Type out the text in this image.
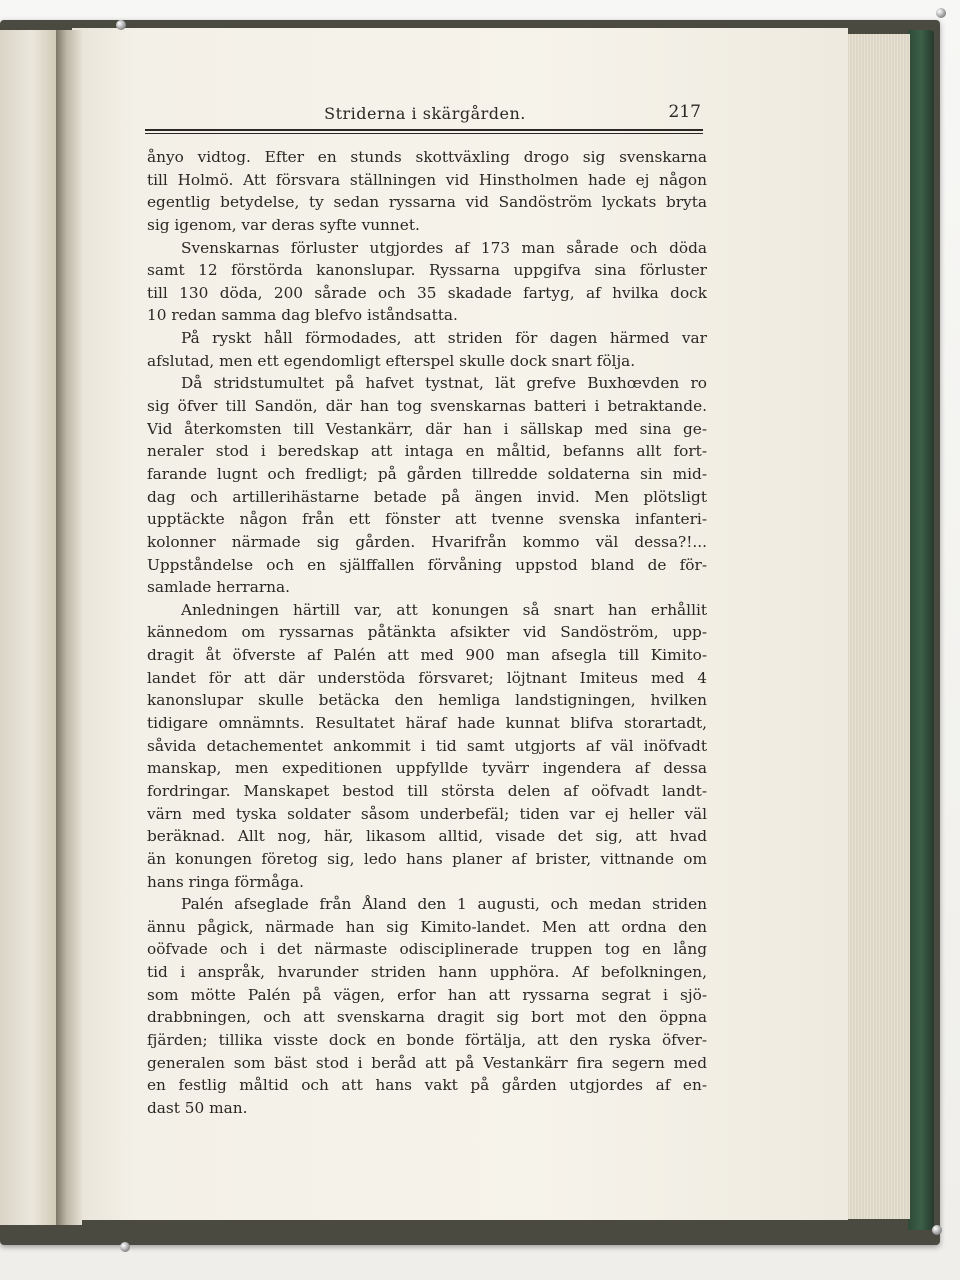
Striderna i skärgården.	217
ånyo vidtog. Efter en stunds skottväxling drogo sig svenskarna
till Holmö. Att försvara ställningen vid Hinstholmen hade ej någon
egentlig betydelse, ty sedan ryssarna vid Sandöström lyckats bryta
sig igenom, var deras syfte vunnet.
Svenskarnas förluster utgjordes af 173 man sårade och döda
samt 12 förstörda kanonslupar. Ryssarna uppgifva sina förluster
till 130 döda, 200 sårade och 35 skadade fartyg, af hvilka dock
10 redan samma dag blefvo iståndsatta.
På ryskt håll förmodades, att striden för dagen härmed var
afslutad, men ett egendomligt efterspel skulle dock snart följa.
Då stridstumultet på hafvet tystnat, lät grefve Buxhœvden ro
sig öfver till Sandön, där han tog svenskarnas batteri i betraktande.
Vid återkomsten till Vestankärr, där han i sällskap med sina ge-
neraler stod i beredskap att intaga en måltid, befanns allt fort-
farande lugnt och fredligt; på gården tillredde soldaterna sin mid-
dag och artillerihästarne betade på ängen invid. Men plötsligt
upptäckte någon från ett fönster att tvenne svenska infanteri-
kolonner närmade sig gården. Hvarifrån kommo väl dessa?!...
Uppståndelse och en själffallen förvåning uppstod bland de för-
samlade herrarna.
Anledningen härtill var, att konungen så snart han erhållit
kännedom om ryssarnas påtänkta afsikter vid Sandöström, upp-
dragit åt öfverste af Palén att med 900 man afsegla till Kimito-
landet för att där understöda försvaret; löjtnant Imiteus med 4
kanonslupar skulle betäcka den hemliga landstigningen, hvilken
tidigare omnämnts. Resultatet häraf hade kunnat blifva storartadt,
såvida detachementet ankommit i tid samt utgjorts af väl inöfvadt
manskap, men expeditionen uppfyllde tyvärr ingendera af dessa
fordringar. Manskapet bestod till största delen af oöfvadt landt-
värn med tyska soldater såsom underbefäl; tiden var ej heller väl
beräknad. Allt nog, här, likasom alltid, visade det sig, att hvad
än konungen företog sig, ledo hans planer af brister, vittnande om
hans ringa förmåga.
Palén afseglade från Åland den 1 augusti, och medan striden
ännu pågick, närmade han sig Kimito-landet. Men att ordna den
oöfvade och i det närmaste odisciplinerade truppen tog en lång
tid i anspråk, hvarunder striden hann upphöra. Af befolkningen,
som mötte Palén på vägen, erfor han att ryssarna segrat i sjö-
drabbningen, och att svenskarna dragit sig bort mot den öppna
fjärden; tillika visste dock en bonde förtälja, att den ryska öfver-
generalen som bäst stod i beråd att på Vestankärr fira segern med
en festlig måltid och att hans vakt på gården utgjordes af en-
dast 50 man.
